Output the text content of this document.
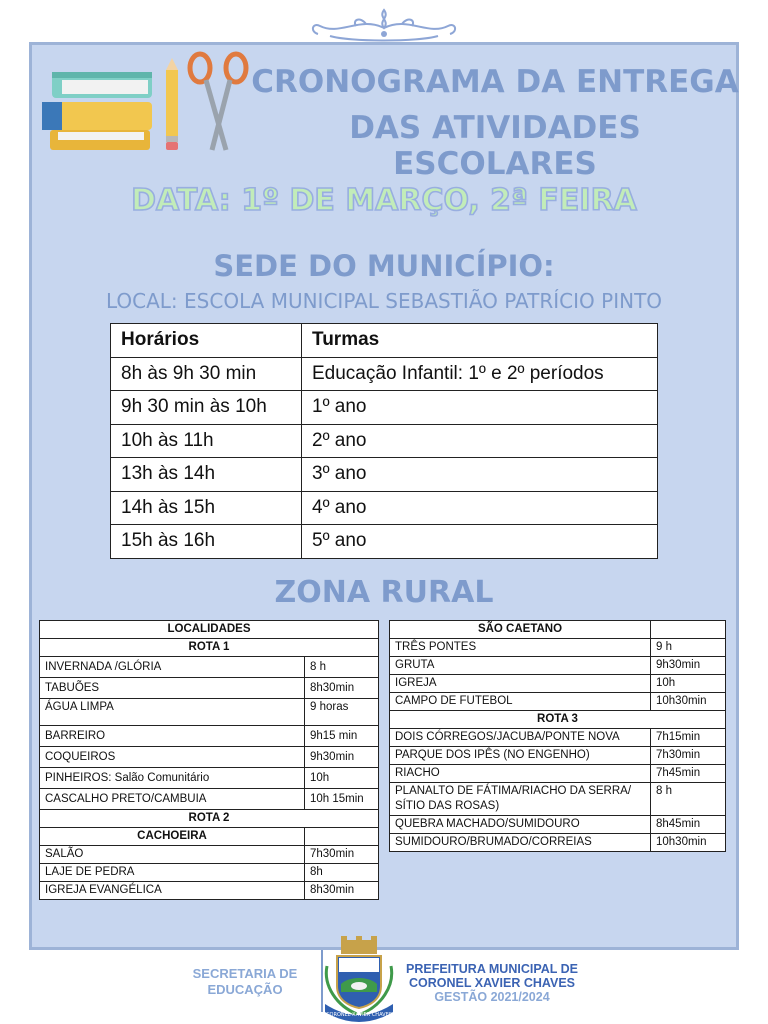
CRONOGRAMA DA ENTREGA
DAS ATIVIDADES ESCOLARES
DATA: 1º DE MARÇO, 2ª FEIRA
SEDE DO MUNICÍPIO:
LOCAL: ESCOLA MUNICIPAL SEBASTIÃO PATRÍCIO PINTO
Horários	Turmas
8h às 9h 30 min	Educação Infantil: 1º e 2º períodos
9h 30 min às 10h	1º ano
10h às 11h	2º ano
13h às 14h	3º ano
14h às 15h	4º ano
15h às 16h	5º ano
ZONA RURAL
LOCALIDADES	
ROTA 1	
INVERNADA /GLÓRIA	8 h
TABUÕES	8h30min
ÁGUA LIMPA	9 horas
BARREIRO	9h15 min
COQUEIROS	9h30min
PINHEIROS: Salão Comunitário	10h
CASCALHO PRETO/CAMBUIA	10h 15min
ROTA 2	
CACHOEIRA	
SALÃO	7h30min
LAJE DE PEDRA	8h
IGREJA EVANGÉLICA	8h30min
SÃO CAETANO	
TRÊS PONTES	9 h
GRUTA	9h30min
IGREJA	10h
CAMPO DE FUTEBOL	10h30min
ROTA 3	
DOIS CÓRREGOS/JACUBA/PONTE NOVA	7h15min
PARQUE DOS IPÊS (NO ENGENHO)	7h30min
RIACHO	7h45min
PLANALTO DE FÁTIMA/RIACHO DA SERRA/ SÍTIO DAS ROSAS)	8 h
QUEBRA MACHADO/SUMIDOURO	8h45min
SUMIDOURO/BRUMADO/CORREIAS	10h30min
SECRETARIA DE
EDUCAÇÃO
CORONEL XAVIER CHAVES
PREFEITURA MUNICIPAL DE
CORONEL XAVIER CHAVES
GESTÃO 2021/2024
